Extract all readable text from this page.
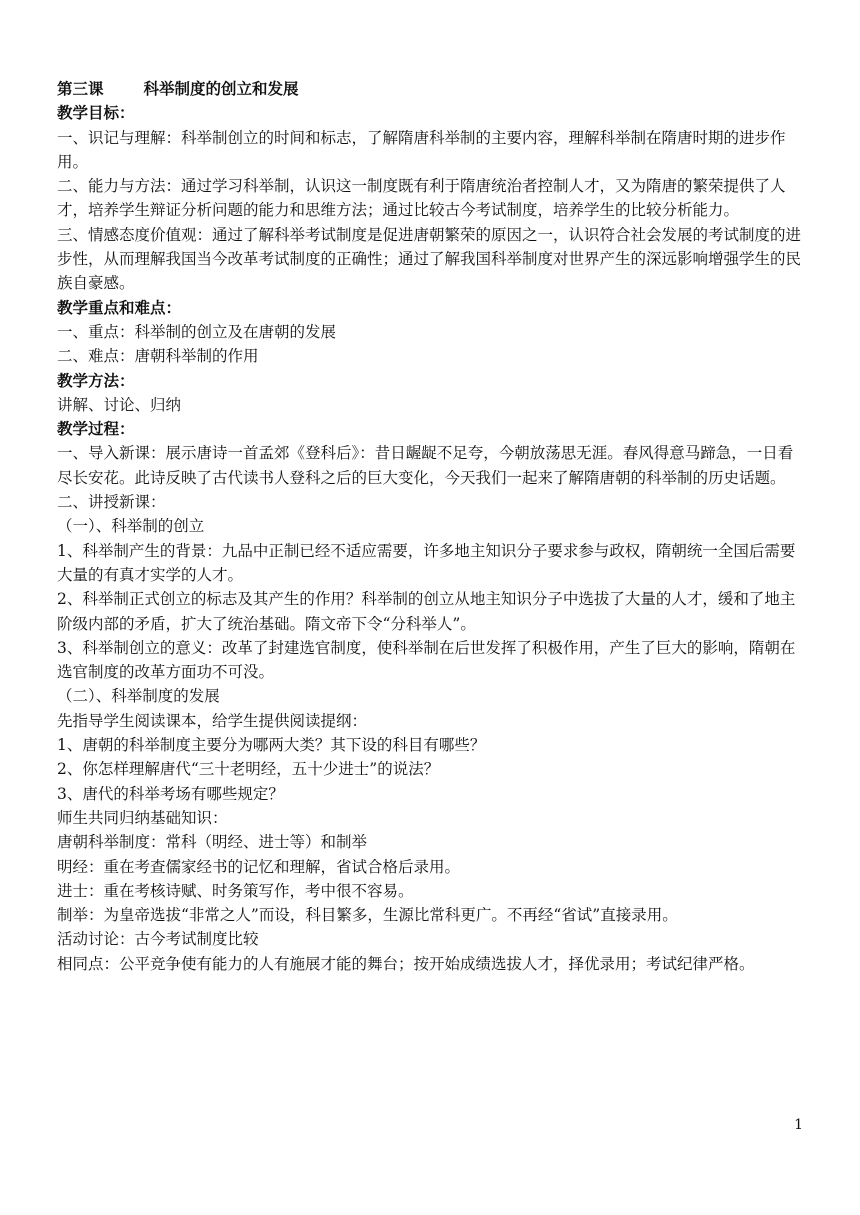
第三课	科举制度的创立和发展

教学目标：

一、识记与理解：科举制创立的时间和标志，了解隋唐科举制的主要内容，理解科举制在隋唐时期的进步作用。

二、能力与方法：通过学习科举制，认识这一制度既有利于隋唐统治者控制人才，又为隋唐的繁荣提供了人才，培养学生辩证分析问题的能力和思维方法；通过比较古今考试制度，培养学生的比较分析能力。

三、情感态度价值观：通过了解科举考试制度是促进唐朝繁荣的原因之一，认识符合社会发展的考试制度的进步性，从而理解我国当今改革考试制度的正确性；通过了解我国科举制度对世界产生的深远影响增强学生的民族自豪感。

教学重点和难点：

一、重点：科举制的创立及在唐朝的发展

二、难点：唐朝科举制的作用

教学方法：

讲解、讨论、归纳

教学过程：

一、导入新课：展示唐诗一首孟郊《登科后》：昔日龌龊不足夸，今朝放荡思无涯。春风得意马蹄急，一日看尽长安花。此诗反映了古代读书人登科之后的巨大变化，今天我们一起来了解隋唐朝的科举制的历史话题。

二、讲授新课：

（一）、科举制的创立

1、科举制产生的背景：九品中正制已经不适应需要，许多地主知识分子要求参与政权，隋朝统一全国后需要大量的有真才实学的人才。

2、科举制正式创立的标志及其产生的作用？科举制的创立从地主知识分子中选拔了大量的人才，缓和了地主阶级内部的矛盾，扩大了统治基础。隋文帝下令“分科举人”。

3、科举制创立的意义：改革了封建选官制度，使科举制在后世发挥了积极作用，产生了巨大的影响，隋朝在选官制度的改革方面功不可没。

（二）、科举制度的发展

先指导学生阅读课本，给学生提供阅读提纲：

1、唐朝的科举制度主要分为哪两大类？其下设的科目有哪些？

2、你怎样理解唐代“三十老明经，五十少进士”的说法？

3、唐代的科举考场有哪些规定？

师生共同归纳基础知识：

唐朝科举制度：常科（明经、进士等）和制举

明经：重在考查儒家经书的记忆和理解，省试合格后录用。

进士：重在考核诗赋、时务策写作，考中很不容易。

制举：为皇帝选拔“非常之人”而设，科目繁多，生源比常科更广。不再经“省试”直接录用。

活动讨论：古今考试制度比较

相同点：公平竞争使有能力的人有施展才能的舞台；按开始成绩选拔人才，择优录用；考试纪律严格。

1
